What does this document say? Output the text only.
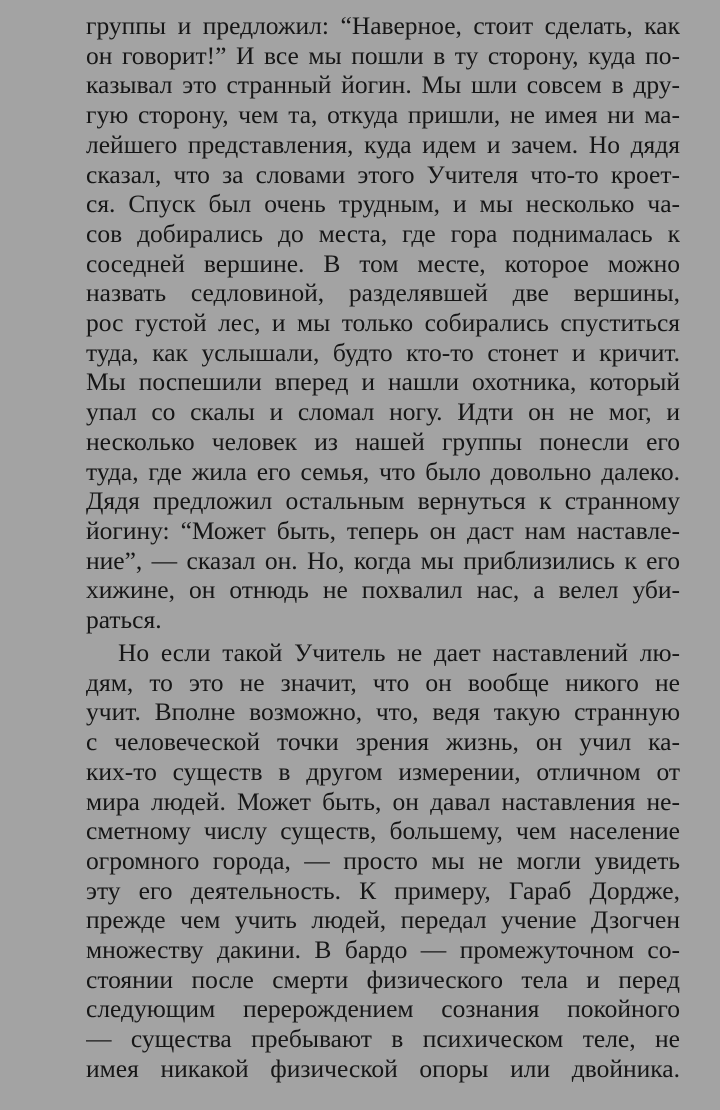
группы и предложил: “Наверное, стоит сделать, как
он говорит!” И все мы пошли в ту сторону, куда по-
казывал это странный йогин. Мы шли совсем в дру-
гую сторону, чем та, откуда пришли, не имея ни ма-
лейшего представления, куда идем и зачем. Но дядя
сказал, что за словами этого Учителя что-то кроет-
ся. Спуск был очень трудным, и мы несколько ча-
сов добирались до места, где гора поднималась к
соседней вершине. В том месте, которое можно
назвать седловиной, разделявшей две вершины,
рос густой лес, и мы только собирались спуститься
туда, как услышали, будто кто-то стонет и кричит.
Мы поспешили вперед и нашли охотника, который
упал со скалы и сломал ногу. Идти он не мог, и
несколько человек из нашей группы понесли его
туда, где жила его семья, что было довольно далеко.
Дядя предложил остальным вернуться к странному
йогину: “Может быть, теперь он даст нам наставле-
ние”, — сказал он. Но, когда мы приблизились к его
хижине, он отнюдь не похвалил нас, а велел уби-
раться.
Но если такой Учитель не дает наставлений лю-
дям, то это не значит, что он вообще никого не
учит. Вполне возможно, что, ведя такую странную
с человеческой точки зрения жизнь, он учил ка-
ких-то существ в другом измерении, отличном от
мира людей. Может быть, он давал наставления не-
сметному числу существ, большему, чем население
огромного города, — просто мы не могли увидеть
эту его деятельность. К примеру, Гараб Дордже,
прежде чем учить людей, передал учение Дзогчен
множеству дакини. В бардо — промежуточном со-
стоянии после смерти физического тела и перед
следующим перерождением сознания покойного
— существа пребывают в психическом теле, не
имея никакой физической опоры или двойника.
